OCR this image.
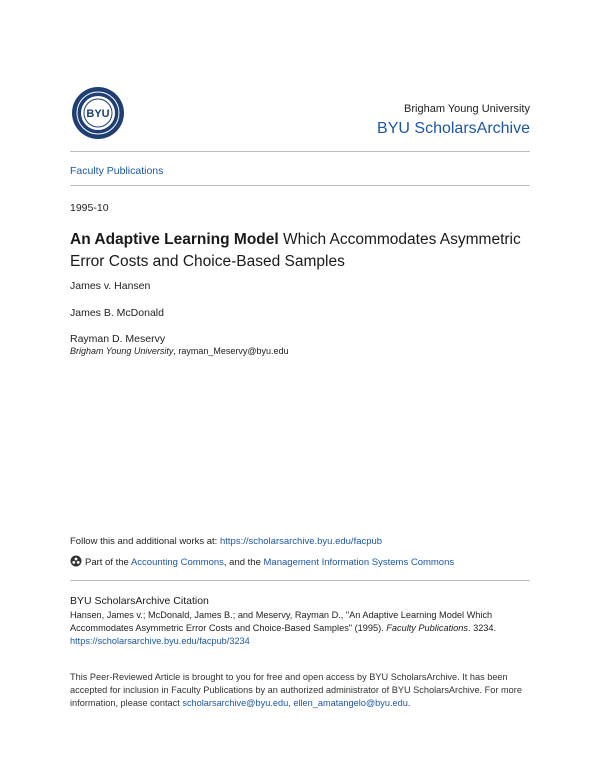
BYU	Brigham Young University
BYU ScholarsArchive
Faculty Publications
1995-10
An Adaptive Learning Model Which Accommodates Asymmetric
Error Costs and Choice-Based Samples
James v. Hansen
James B. McDonald
Rayman D. Meservy
Brigham Young University, rayman_Meservy@byu.edu
Follow this and additional works at: https://scholarsarchive.byu.edu/facpub
Part of the Accounting Commons, and the Management Information Systems Commons
BYU ScholarsArchive Citation
Hansen, James v.; McDonald, James B.; and Meservy, Rayman D., "An Adaptive Learning Model Which
Accommodates Asymmetric Error Costs and Choice-Based Samples" (1995). Faculty Publications. 3234.
https://scholarsarchive.byu.edu/facpub/3234
This Peer-Reviewed Article is brought to you for free and open access by BYU ScholarsArchive. It has been
accepted for inclusion in Faculty Publications by an authorized administrator of BYU ScholarsArchive. For more
information, please contact scholarsarchive@byu.edu, ellen_amatangelo@byu.edu.
